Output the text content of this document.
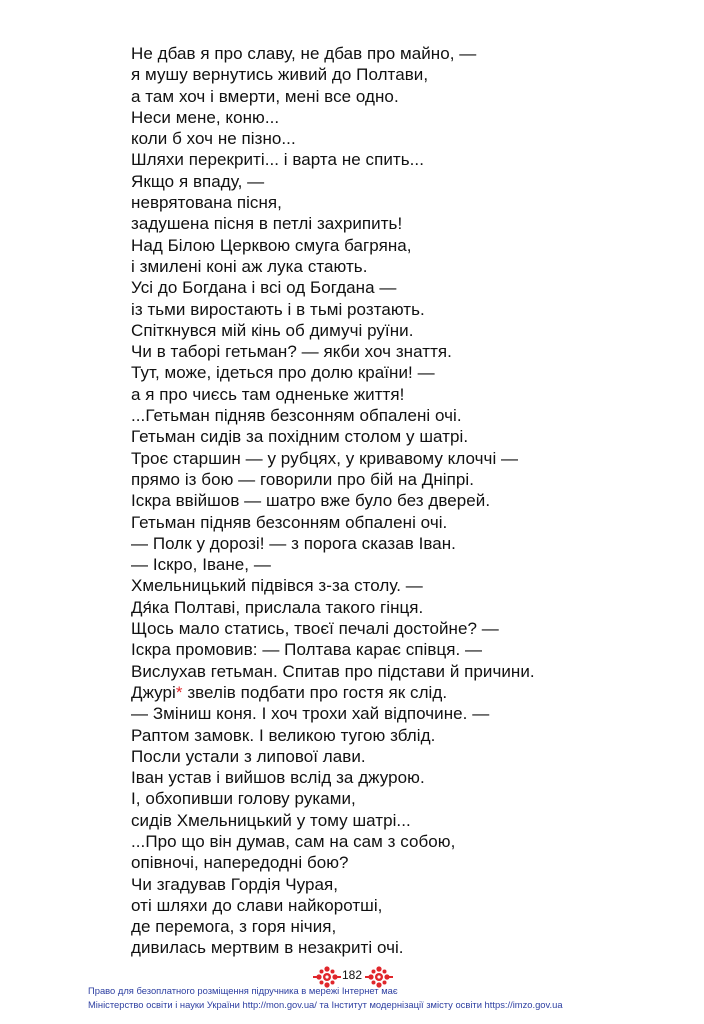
Не дбав я про славу, не дбав про майно, —
я мушу вернутись живий до Полтави,
а там хоч і вмерти, мені все одно.
Неси мене, коню...
коли б хоч не пізно...
Шляхи перекриті... і варта не спить...
Якщо я впаду, —
неврятована пісня,
задушена пісня в петлі захрипить!
Над Білою Церквою смуга багряна,
і змилені коні аж лука стають.
Усі до Богдана і всі од Богдана —
із тьми виростають і в тьмі розтають.
Спіткнувся мій кінь об димучі руїни.
Чи в таборі гетьман? — якби хоч знаття.
Тут, може, ідеться про долю країни! —
а я про чиєсь там одненьке життя!
...Гетьман підняв безсонням обпалені очі.
Гетьман сидів за похідним столом у шатрі.
Троє старшин — у рубцях, у кривавому клоччі —
прямо із бою — говорили про бій на Дніпрі.
Іскра ввійшов — шатро вже було без дверей.
Гетьман підняв безсонням обпалені очі.
— Полк у дорозі! — з порога сказав Іван.
— Іскро, Іване, —
Хмельницький підвівся з-за столу. —
Дя́ка Полтаві, прислала такого гінця.
Щось мало статись, твоєї печалі достойне? —
Іскра промовив: — Полтава карає співця. —
Вислухав гетьман. Спитав про підстави й причини.
Джурі* звелів подбати про гостя як слід.
— Зміниш коня. І хоч трохи хай відпочине. —
Раптом замовк. І великою тугою зблід.
Посли устали з липової лави.
Іван устав і вийшов вслід за джурою.
І, обхопивши голову руками,
сидів Хмельницький у тому шатрі...
...Про що він думав, сам на сам з собою,
опівночі, напередодні бою?
Чи згадував Гордія Чурая,
оті шляхи до слави найкоротші,
де перемога, з горя нічия,
дивилась мертвим в незакриті очі.
182
Право для безоплатного розміщення підручника в мережі Інтернет має
Міністерство освіти і науки України http://mon.gov.ua/ та Інститут модернізації змісту освіти https://imzo.gov.ua
